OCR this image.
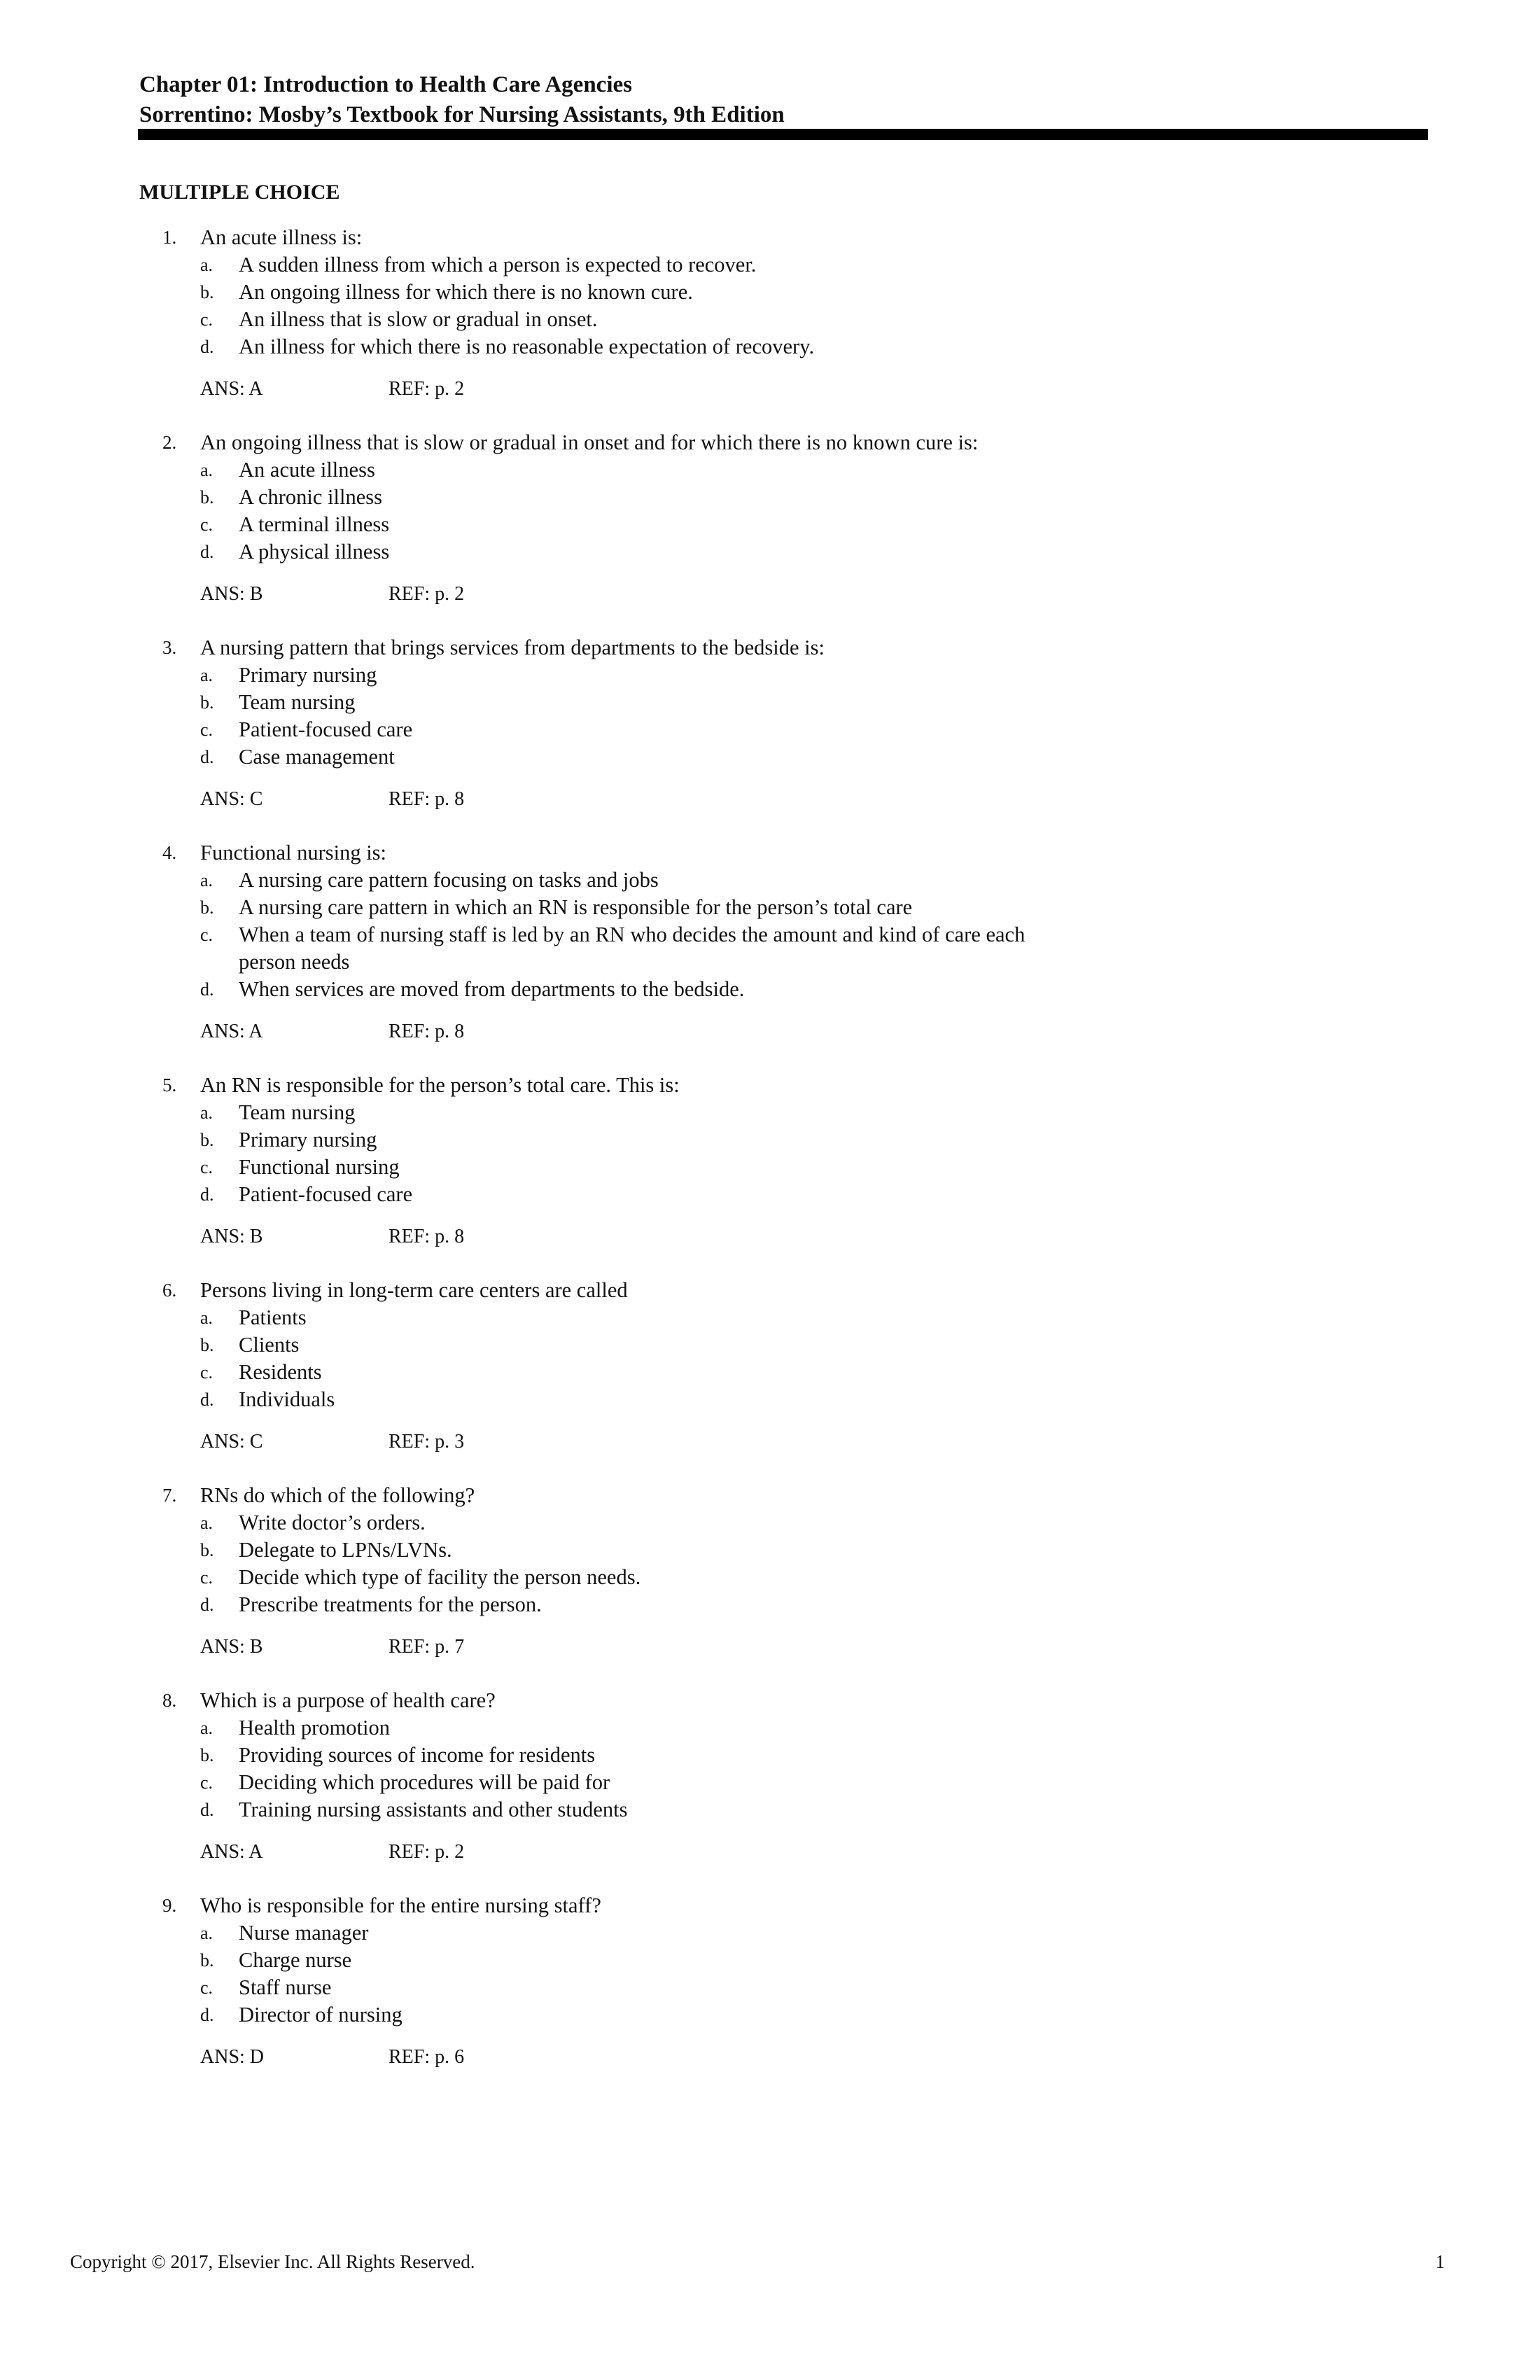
Chapter 01: Introduction to Health Care Agencies
Sorrentino: Mosby’s Textbook for Nursing Assistants, 9th Edition
MULTIPLE CHOICE
1. An acute illness is:
a. A sudden illness from which a person is expected to recover.
b. An ongoing illness for which there is no known cure.
c. An illness that is slow or gradual in onset.
d. An illness for which there is no reasonable expectation of recovery.
ANS: A	REF: p. 2
2. An ongoing illness that is slow or gradual in onset and for which there is no known cure is:
a. An acute illness
b. A chronic illness
c. A terminal illness
d. A physical illness
ANS: B	REF: p. 2
3. A nursing pattern that brings services from departments to the bedside is:
a. Primary nursing
b. Team nursing
c. Patient-focused care
d. Case management
ANS: C	REF: p. 8
4. Functional nursing is:
a. A nursing care pattern focusing on tasks and jobs
b. A nursing care pattern in which an RN is responsible for the person’s total care
c. When a team of nursing staff is led by an RN who decides the amount and kind of care each person needs
d. When services are moved from departments to the bedside.
ANS: A	REF: p. 8
5. An RN is responsible for the person’s total care. This is:
a. Team nursing
b. Primary nursing
c. Functional nursing
d. Patient-focused care
ANS: B	REF: p. 8
6. Persons living in long-term care centers are called
a. Patients
b. Clients
c. Residents
d. Individuals
ANS: C	REF: p. 3
7. RNs do which of the following?
a. Write doctor’s orders.
b. Delegate to LPNs/LVNs.
c. Decide which type of facility the person needs.
d. Prescribe treatments for the person.
ANS: B	REF: p. 7
8. Which is a purpose of health care?
a. Health promotion
b. Providing sources of income for residents
c. Deciding which procedures will be paid for
d. Training nursing assistants and other students
ANS: A	REF: p. 2
9. Who is responsible for the entire nursing staff?
a. Nurse manager
b. Charge nurse
c. Staff nurse
d. Director of nursing
ANS: D	REF: p. 6
Copyright © 2017, Elsevier Inc. All Rights Reserved.	1
